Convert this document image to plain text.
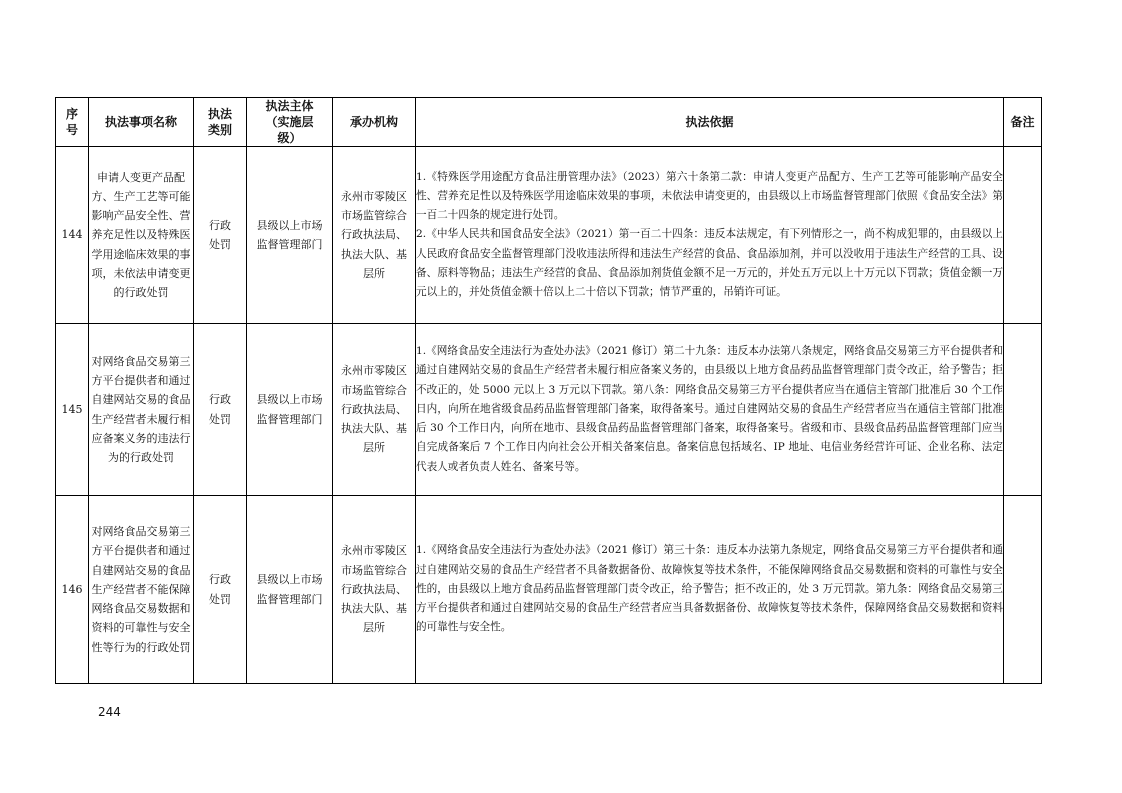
序号	执法事项名称	执法类别	执法主体（实施层级）	承办机构	执法依据	备注
144	申请人变更产品配方、生产工艺等可能影响产品安全性、营养充足性以及特殊医学用途临床效果的事项，未依法申请变更的行政处罚	行政处罚	县级以上市场监督管理部门	永州市零陵区市场监管综合行政执法局、执法大队、基层所	1.《特殊医学用途配方食品注册管理办法》（2023）第六十条第二款：申请人变更产品配方、生产工艺等可能影响产品安全性、营养充足性以及特殊医学用途临床效果的事项，未依法申请变更的，由县级以上市场监督管理部门依照《食品安全法》第一百二十四条的规定进行处罚。

2.《中华人民共和国食品安全法》（2021）第一百二十四条：违反本法规定，有下列情形之一，尚不构成犯罪的，由县级以上人民政府食品安全监督管理部门没收违法所得和违法生产经营的食品、食品添加剂，并可以没收用于违法生产经营的工具、设备、原料等物品；违法生产经营的食品、食品添加剂货值金额不足一万元的，并处五万元以上十万元以下罚款；货值金额一万元以上的，并处货值金额十倍以上二十倍以下罚款；情节严重的，吊销许可证。	

145	对网络食品交易第三方平台提供者和通过自建网站交易的食品生产经营者未履行相应备案义务的违法行为的行政处罚	行政处罚	县级以上市场监督管理部门	永州市零陵区市场监管综合行政执法局、执法大队、基层所	1.《网络食品安全违法行为查处办法》（2021 修订）第二十九条：违反本办法第八条规定，网络食品交易第三方平台提供者和通过自建网站交易的食品生产经营者未履行相应备案义务的，由县级以上地方食品药品监督管理部门责令改正，给予警告；拒不改正的，处 5000 元以上 3 万元以下罚款。第八条：网络食品交易第三方平台提供者应当在通信主管部门批准后 30 个工作日内，向所在地省级食品药品监督管理部门备案，取得备案号。通过自建网站交易的食品生产经营者应当在通信主管部门批准后 30 个工作日内，向所在地市、县级食品药品监督管理部门备案，取得备案号。省级和市、县级食品药品监督管理部门应当自完成备案后 7 个工作日内向社会公开相关备案信息。备案信息包括域名、IP 地址、电信业务经营许可证、企业名称、法定代表人或者负责人姓名、备案号等。	

146	对网络食品交易第三方平台提供者和通过自建网站交易的食品生产经营者不能保障网络食品交易数据和资料的可靠性与安全性等行为的行政处罚	行政处罚	县级以上市场监督管理部门	永州市零陵区市场监管综合行政执法局、执法大队、基层所	1.《网络食品安全违法行为查处办法》（2021 修订）第三十条：违反本办法第九条规定，网络食品交易第三方平台提供者和通过自建网站交易的食品生产经营者不具备数据备份、故障恢复等技术条件，不能保障网络食品交易数据和资料的可靠性与安全性的，由县级以上地方食品药品监督管理部门责令改正，给予警告；拒不改正的，处 3 万元罚款。第九条：网络食品交易第三方平台提供者和通过自建网站交易的食品生产经营者应当具备数据备份、故障恢复等技术条件，保障网络食品交易数据和资料的可靠性与安全性。	

244
